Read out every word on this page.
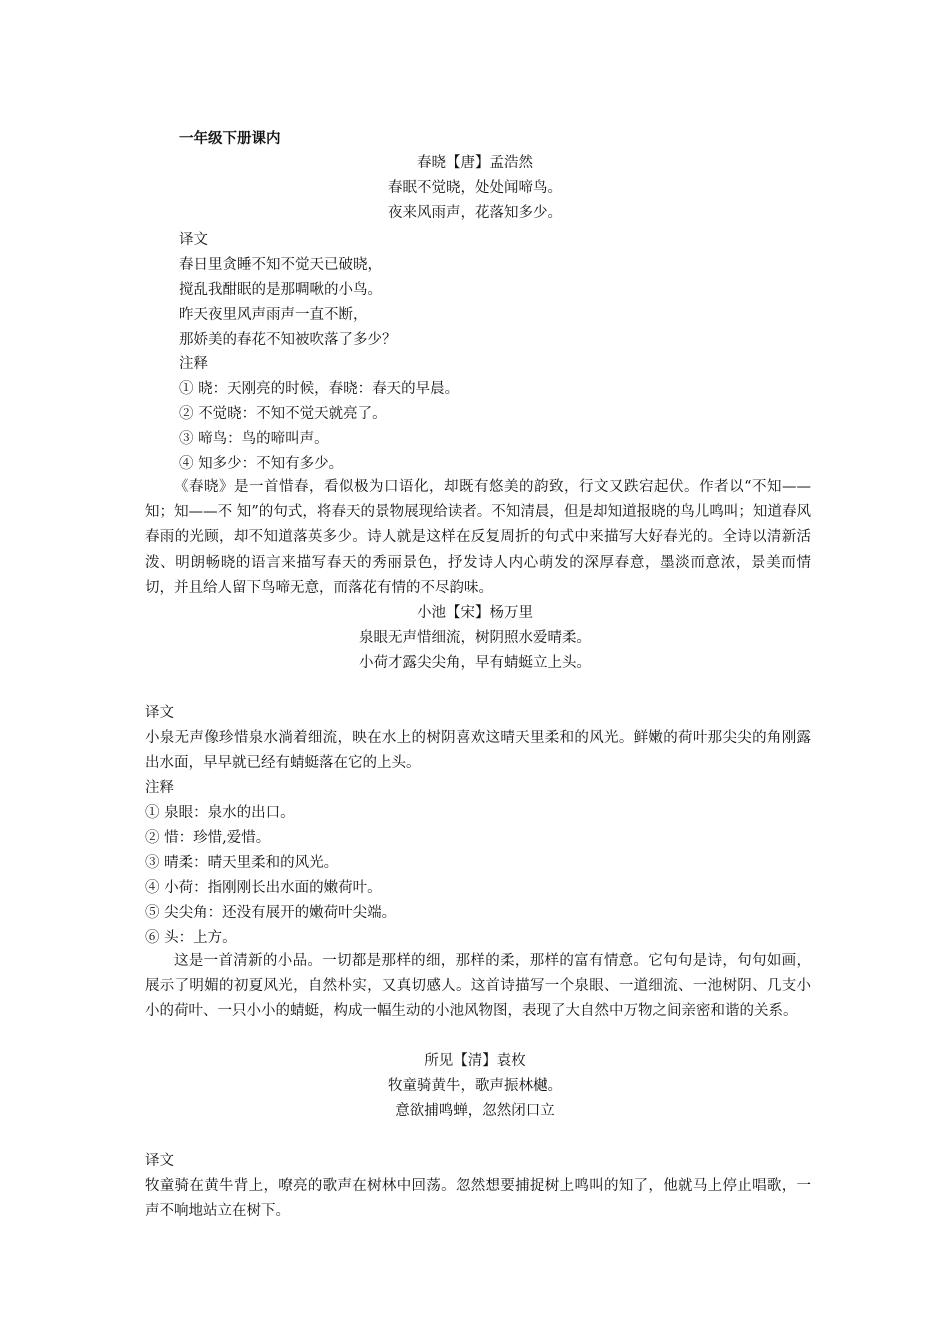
一年级下册课内
春晓【唐】孟浩然
春眠不觉晓，处处闻啼鸟。
夜来风雨声，花落知多少。
译文
春日里贪睡不知不觉天已破晓，
搅乱我酣眠的是那啁啾的小鸟。
昨天夜里风声雨声一直不断，
那娇美的春花不知被吹落了多少？
注释
① 晓：天刚亮的时候，春晓：春天的早晨。
② 不觉晓：不知不觉天就亮了。
③ 啼鸟：鸟的啼叫声。
④ 知多少：不知有多少。
《春晓》是一首惜春，看似极为口语化，却既有悠美的韵致，行文又跌宕起伏。作者以“不知——知；知——不 知”的句式，将春天的景物展现给读者。不知清晨，但是却知道报晓的鸟儿鸣叫；知道春风春雨的光顾，却不知道落英多少。诗人就是这样在反复周折的句式中来描写大好春光的。全诗以清新活泼、明朗畅晓的语言来描写春天的秀丽景色，抒发诗人内心萌发的深厚春意，墨淡而意浓，景美而情切，并且给人留下鸟啼无意，而落花有情的不尽韵味。
小池【宋】杨万里
泉眼无声惜细流，树阴照水爱晴柔。
小荷才露尖尖角，早有蜻蜓立上头。
译文
小泉无声像珍惜泉水淌着细流，映在水上的树阴喜欢这晴天里柔和的风光。鲜嫩的荷叶那尖尖的角刚露出水面，早早就已经有蜻蜓落在它的上头。
注释
① 泉眼：泉水的出口。
② 惜：珍惜,爱惜。
③ 晴柔：晴天里柔和的风光。
④ 小荷：指刚刚长出水面的嫩荷叶。
⑤ 尖尖角：还没有展开的嫩荷叶尖端。
⑥ 头：上方。
这是一首清新的小品。一切都是那样的细，那样的柔，那样的富有情意。它句句是诗，句句如画，展示了明媚的初夏风光，自然朴实，又真切感人。这首诗描写一个泉眼、一道细流、一池树阴、几支小小的荷叶、一只小小的蜻蜓，构成一幅生动的小池风物图，表现了大自然中万物之间亲密和谐的关系。
所见【清】袁枚
牧童骑黄牛，歌声振林樾。
意欲捕鸣蝉，忽然闭口立
译文
牧童骑在黄牛背上，嘹亮的歌声在树林中回荡。忽然想要捕捉树上鸣叫的知了，他就马上停止唱歌，一声不响地站立在树下。
